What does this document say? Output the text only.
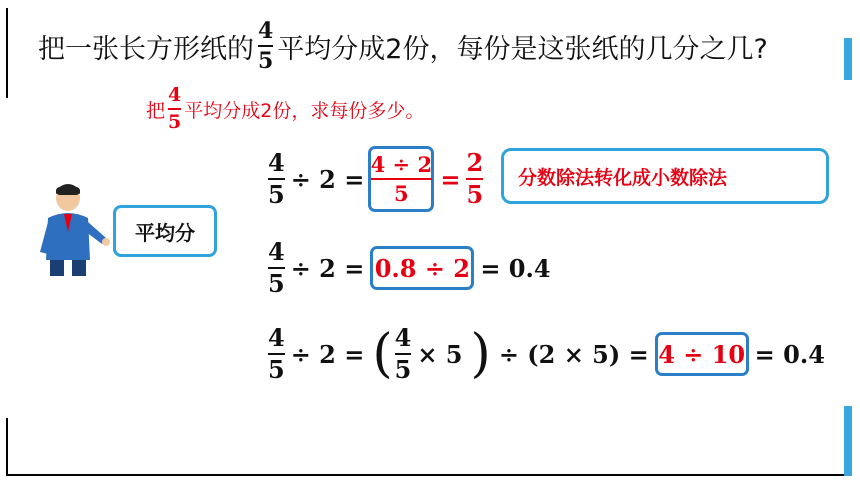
把一张长方形纸的 $\frac{4}{5}$ 平均分成2份，每份是这张纸的几分之几?
把 $\frac{4}{5}$ 平均分成2份，求每份多少。
平均分
分数除法转化成小数除法
$\frac{4}{5} \div 2 = \frac{4 \div 2}{5} = \frac{2}{5}$
$\frac{4}{5} \div 2 = 0.8 \div 2 = 0.4$
$\frac{4}{5} \div 2$ = ( $\frac{4}{5} \times 5$ ) ÷ (2 × 5) = 4 ÷ 10 = 0.4
